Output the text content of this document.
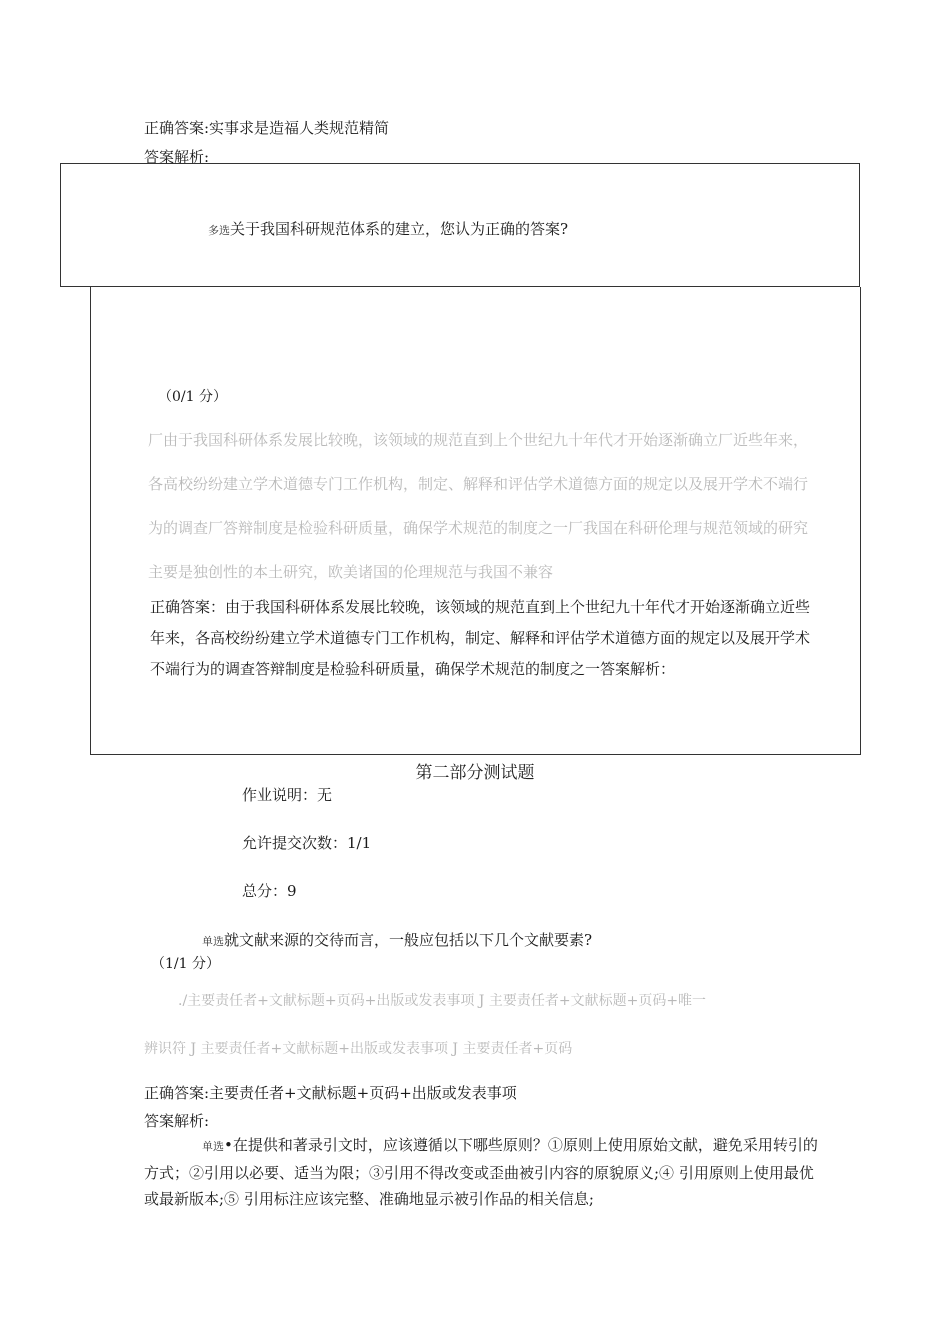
正确答案:实事求是造福人类规范精简
答案解析:
多选关于我国科研规范体系的建立，您认为正确的答案?
（0/1 分）
厂由于我国科研体系发展比较晚，该领域的规范直到上个世纪九十年代才开始逐渐确立厂近些年来，
各高校纷纷建立学术道德专门工作机构，制定、解释和评估学术道德方面的规定以及展开学术不端行
为的调查厂答辩制度是检验科研质量，确保学术规范的制度之一厂我国在科研伦理与规范领域的研究
主要是独创性的本土研究，欧美诸国的伦理规范与我国不兼容
正确答案：由于我国科研体系发展比较晚，该领域的规范直到上个世纪九十年代才开始逐渐确立近些
年来，各高校纷纷建立学术道德专门工作机构，制定、解释和评估学术道德方面的规定以及展开学术
不端行为的调查答辩制度是检验科研质量，确保学术规范的制度之一答案解析：
第二部分测试题
作业说明：无
允许提交次数：1/1
总分：9
单选就文献来源的交待而言，一般应包括以下几个文献要素?
（1/1 分）
./主要责任者+文献标题+页码+出版或发表事项 J 主要责任者+文献标题+页码+唯一
辨识符 J 主要责任者+文献标题+出版或发表事项 J 主要责任者+页码
正确答案:主要责任者+文献标题+页码+出版或发表事项
答案解析:
单选•在提供和著录引文时，应该遵循以下哪些原则？①原则上使用原始文献，避免采用转引的
方式；②引用以必要、适当为限；③引用不得改变或歪曲被引内容的原貌原义;④ 引用原则上使用最优
或最新版本;⑤ 引用标注应该完整、准确地显示被引作品的相关信息;
